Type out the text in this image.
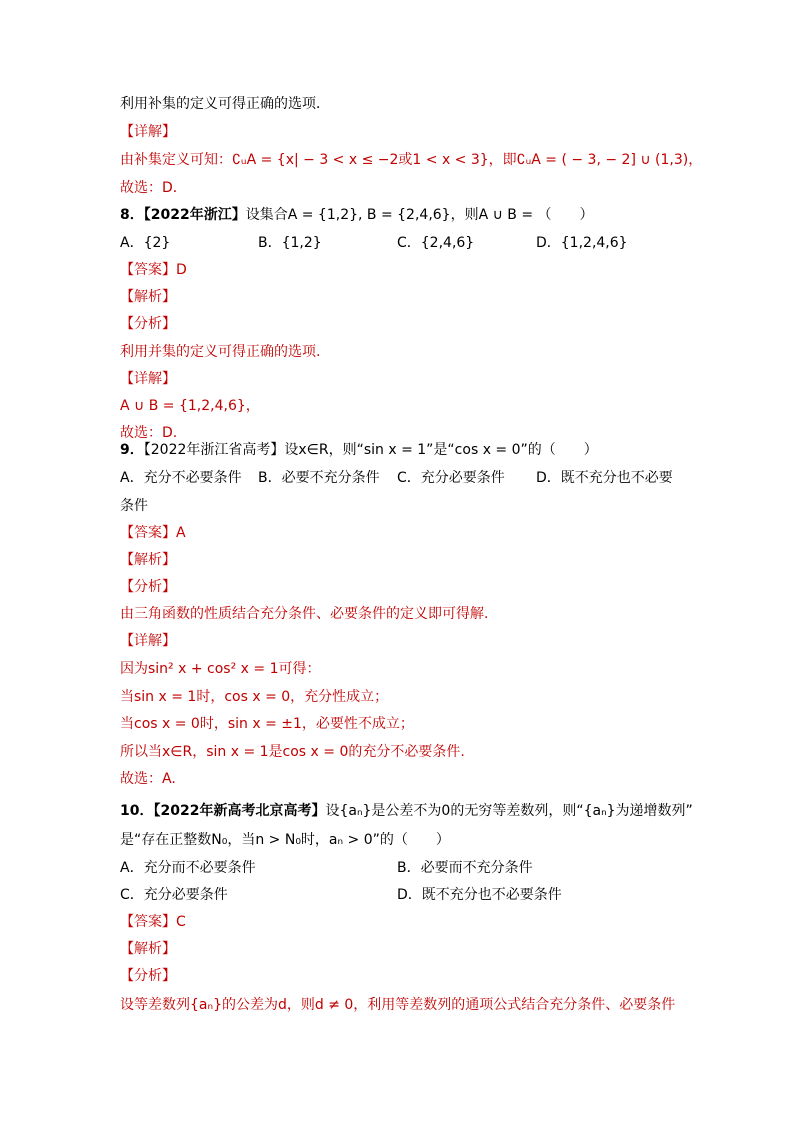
利用补集的定义可得正确的选项．
【详解】
由补集定义可知：∁ᵤA = {x| − 3 < x ≤ −2或1 < x < 3}，即∁ᵤA = ( − 3, − 2] ∪ (1,3)，
故选：D．
8．【2022年浙江】设集合A = {1,2}, B = {2,4,6}，则A ∪ B = （　　）
A．{2}	B．{1,2}	C．{2,4,6}	D．{1,2,4,6}
【答案】D
【解析】
【分析】
利用并集的定义可得正确的选项.
【详解】
A ∪ B = {1,2,4,6}，
故选：D.
9．【2022年浙江省高考】设x∈R，则“sin x = 1”是“cos x = 0”的（　　）
A．充分不必要条件 B．必要不充分条件 C．充分必要条件 D．既不充分也不必要
条件
【答案】A
【解析】
【分析】
由三角函数的性质结合充分条件、必要条件的定义即可得解.
【详解】
因为sin² x + cos² x = 1可得：
当sin x = 1时，cos x = 0，充分性成立；
当cos x = 0时，sin x = ±1，必要性不成立；
所以当x∈R，sin x = 1是cos x = 0的充分不必要条件.
故选：A.
10．【2022年新高考北京高考】设{aₙ}是公差不为0的无穷等差数列，则“{aₙ}为递增数列”
是“存在正整数N₀，当n > N₀时，aₙ > 0”的（　　）
A．充分而不必要条件	B．必要而不充分条件
C．充分必要条件	D．既不充分也不必要条件
【答案】C
【解析】
【分析】
设等差数列{aₙ}的公差为d，则d ≠ 0，利用等差数列的通项公式结合充分条件、必要条件
